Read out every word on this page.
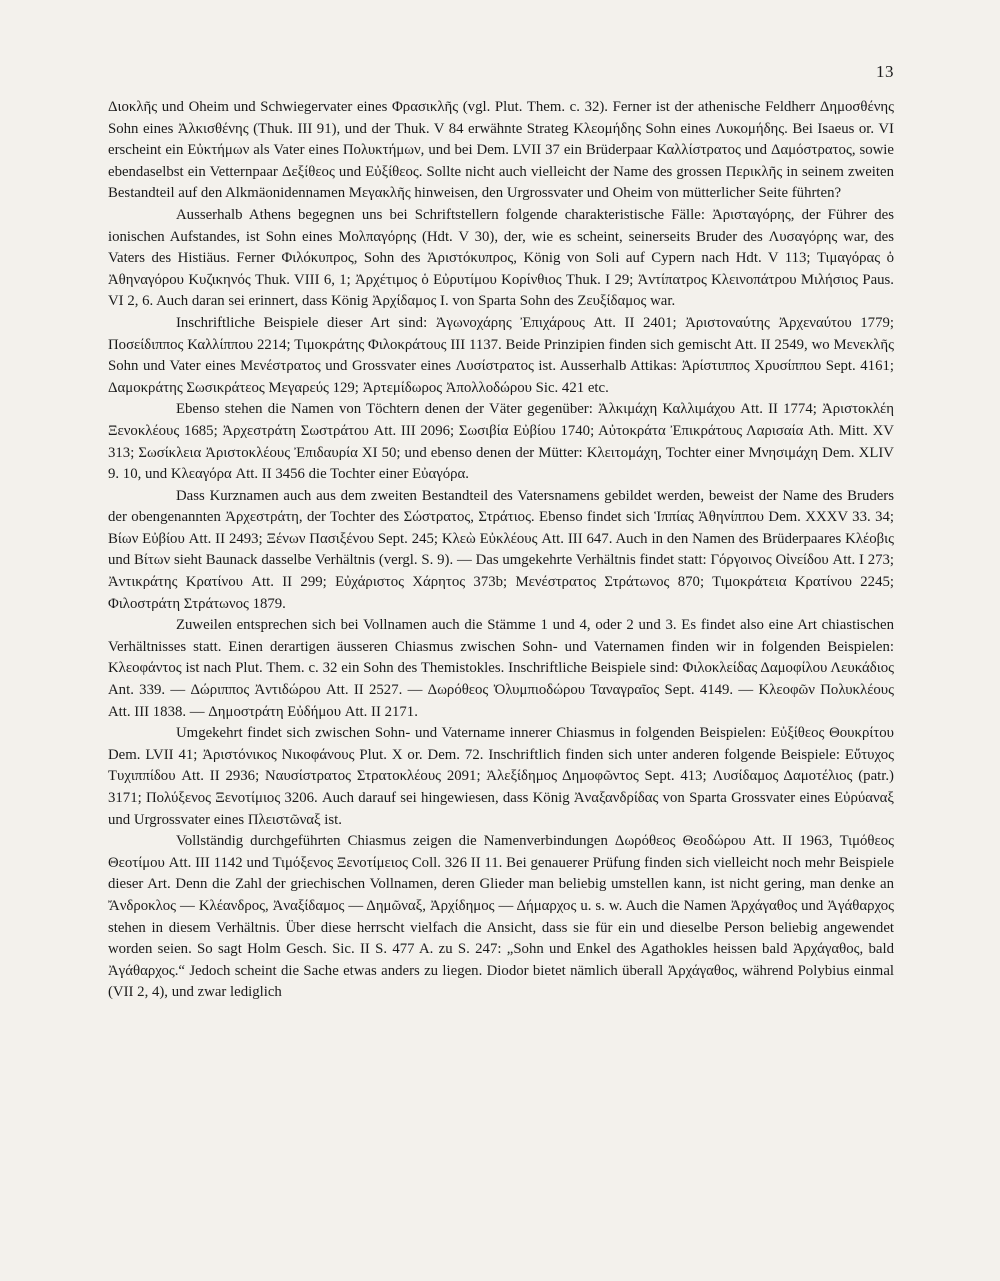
13

Διοκλῆς und Oheim und Schwiegervater eines Φρασικλῆς (vgl. Plut. Them. c. 32). Ferner ist der athenische Feldherr Δημοσθένης Sohn eines Ἀλκισθένης (Thuk. III 91), und der Thuk. V 84 erwähnte Strateg Κλεομήδης Sohn eines Λυκομήδης. Bei Isaeus or. VI erscheint ein Εὐκτήμων als Vater eines Πολυκτήμων, und bei Dem. LVII 37 ein Brüderpaar Καλλίστρατος und Δαμόστρατος, sowie ebendaselbst ein Vetternpaar Δεξίθεος und Εὐξίθεος. Sollte nicht auch vielleicht der Name des grossen Περικλῆς in seinem zweiten Bestandteil auf den Alkmäonidennamen Μεγακλῆς hinweisen, den Urgrossvater und Oheim von mütterlicher Seite führten?

Ausserhalb Athens begegnen uns bei Schriftstellern folgende charakteristische Fälle: Ἀρισταγόρης, der Führer des ionischen Aufstandes, ist Sohn eines Μολπαγόρης (Hdt. V 30), der, wie es scheint, seinerseits Bruder des Λυσαγόρης war, des Vaters des Histiäus. Ferner Φιλόκυπρος, Sohn des Ἀριστόκυπρος, König von Soli auf Cypern nach Hdt. V 113; Τιμαγόρας ὁ Ἀθηναγόρου Κυζικηνός Thuk. VIII 6, 1; Ἀρχέτιμος ὁ Εὐρυτίμου Κορίνθιος Thuk. I 29; Ἀντίπατρος Κλεινοπάτρου Μιλήσιος Paus. VI 2, 6. Auch daran sei erinnert, dass König Ἀρχίδαμος I. von Sparta Sohn des Ζευξίδαμος war.

Inschriftliche Beispiele dieser Art sind: Ἀγωνοχάρης Ἐπιχάρους Att. II 2401; Ἀριστοναύτης Ἀρχεναύτου 1779; Ποσείδιππος Καλλίππου 2214; Τιμοκράτης Φιλοκράτους III 1137. Beide Prinzipien finden sich gemischt Att. II 2549, wo Μενεκλῆς Sohn und Vater eines Μενέστρατος und Grossvater eines Λυσίστρατος ist. Ausserhalb Attikas: Ἀρίστιππος Χρυσίππου Sept. 4161; Δαμοκράτης Σωσικράτεος Μεγαρεύς 129; Ἀρτεμίδωρος Ἀπολλοδώρου Sic. 421 etc.

Ebenso stehen die Namen von Töchtern denen der Väter gegenüber: Ἀλκιμάχη Καλλιμάχου Att. II 1774; Ἀριστοκλέη Ξενοκλέους 1685; Ἀρχεστράτη Σωστράτου Att. III 2096; Σωσιβία Εὐβίου 1740; Αὐτοκράτα Ἐπικράτους Λαρισαία Ath. Mitt. XV 313; Σωσίκλεια Ἀριστοκλέους Ἐπιδαυρία XI 50; und ebenso denen der Mütter: Κλειτομάχη, Tochter einer Μνησιμάχη Dem. XLIV 9. 10, und Κλεαγόρα Att. II 3456 die Tochter einer Εὐαγόρα.

Dass Kurznamen auch aus dem zweiten Bestandteil des Vatersnamens gebildet werden, beweist der Name des Bruders der obengenannten Ἀρχεστράτη, der Tochter des Σώστρατος, Στράτιος. Ebenso findet sich Ἱππίας Ἀθηνίππου Dem. XXXV 33. 34; Βίων Εὐβίου Att. II 2493; Ξένων Πασιξένου Sept. 245; Κλεὼ Εὐκλέους Att. III 647. Auch in den Namen des Brüderpaares Κλέοβις und Βίτων sieht Baunack dasselbe Verhältnis (vergl. S. 9). — Das umgekehrte Verhältnis findet statt: Γόργοινος Οἰνείδου Att. I 273; Ἀντικράτης Κρατίνου Att. II 299; Εὐχάριστος Χάρητος 373b; Μενέστρατος Στράτωνος 870; Τιμοκράτεια Κρατίνου 2245; Φιλοστράτη Στράτωνος 1879.

Zuweilen entsprechen sich bei Vollnamen auch die Stämme 1 und 4, oder 2 und 3. Es findet also eine Art chiastischen Verhältnisses statt. Einen derartigen äusseren Chiasmus zwischen Sohn- und Vaternamen finden wir in folgenden Beispielen: Κλεοφάντος ist nach Plut. Them. c. 32 ein Sohn des Themistokles. Inschriftliche Beispiele sind: Φιλοκλείδας Δαμοφίλου Λευκάδιος Ant. 339. — Δώριππος Ἀντιδώρου Att. II 2527. — Δωρόθεος Ὀλυμπιοδώρου Ταναγραῖος Sept. 4149. — Κλεοφῶν Πολυκλέους Att. III 1838. — Δημοστράτη Εὐδήμου Att. II 2171.

Umgekehrt findet sich zwischen Sohn- und Vatername innerer Chiasmus in folgenden Beispielen: Εὐξίθεος Θουκρίτου Dem. LVII 41; Ἀριστόνικος Νικοφάνους Plut. X or. Dem. 72. Inschriftlich finden sich unter anderen folgende Beispiele: Εὔτυχος Τυχιππίδου Att. II 2936; Ναυσίστρατος Στρατοκλέους 2091; Ἀλεξίδημος Δημοφῶντος Sept. 413; Λυσίδαμος Δαμοτέλιος (patr.) 3171; Πολύξενος Ξενοτίμιος 3206. Auch darauf sei hingewiesen, dass König Ἀναξανδρίδας von Sparta Grossvater eines Εὐρύαναξ und Urgrossvater eines Πλειστῶναξ ist.

Vollständig durchgeführten Chiasmus zeigen die Namenverbindungen Δωρόθεος Θεοδώρου Att. II 1963, Τιμόθεος Θεοτίμου Att. III 1142 und Τιμόξενος Ξενοτίμειος Coll. 326 II 11. Bei genauerer Prüfung finden sich vielleicht noch mehr Beispiele dieser Art. Denn die Zahl der griechischen Vollnamen, deren Glieder man beliebig umstellen kann, ist nicht gering, man denke an Ἄνδροκλος — Κλέανδρος, Ἀναξίδαμος — Δημῶναξ, Ἀρχίδημος — Δήμαρχος u. s. w. Auch die Namen Ἀρχάγαθος und Ἀγάθαρχος stehen in diesem Verhältnis. Über diese herrscht vielfach die Ansicht, dass sie für ein und dieselbe Person beliebig angewendet worden seien. So sagt Holm Gesch. Sic. II S. 477 A. zu S. 247: „Sohn und Enkel des Agathokles heissen bald Ἀρχάγαθος, bald Ἀγάθαρχος.“ Jedoch scheint die Sache etwas anders zu liegen. Diodor bietet nämlich überall Ἀρχάγαθος, während Polybius einmal (VII 2, 4), und zwar lediglich
